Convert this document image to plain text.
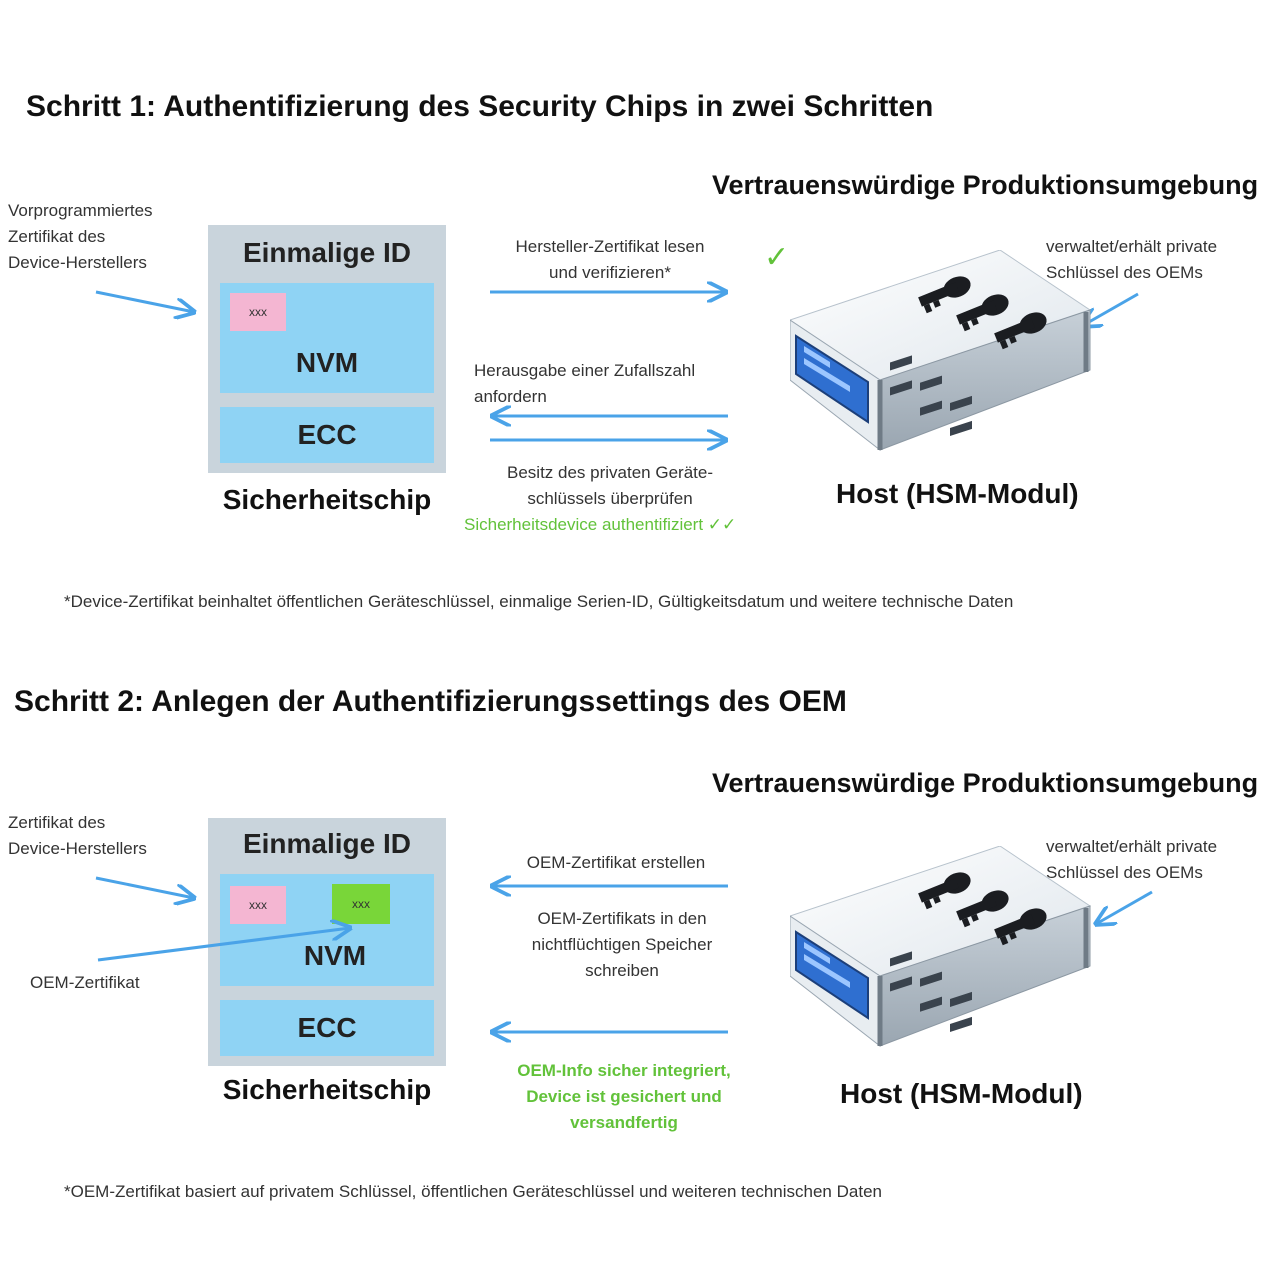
Schritt 1: Authentifizierung des Security Chips in zwei Schritten
Vertrauenswürdige Produktionsumgebung
Vorprogrammiertes
Zertifikat des
Device-Herstellers	Einmalige ID
xxx
NVM
ECC
Sicherheitschip
Hersteller-Zertifikat lesen
und verifizieren*	✓
Herausgabe einer Zufallszahl
anfordern
Besitz des privaten Geräte-
schlüssels überprüfen
Sicherheitsdevice authentifiziert ✓✓
verwaltet/erhält private
Schlüssel des OEMs
Host (HSM-Modul)
*Device-Zertifikat beinhaltet öffentlichen Geräteschlüssel, einmalige Serien-ID, Gültigkeitsdatum und weitere technische Daten
Schritt 2: Anlegen der Authentifizierungssettings des OEM
Vertrauenswürdige Produktionsumgebung
Zertifikat des
Device-Herstellers
OEM-Zertifikat
Einmalige ID
xxx	xxx
NVM
ECC
Sicherheitschip
OEM-Zertifikat erstellen
OEM-Zertifikats in den
nichtflüchtigen Speicher
schreiben
OEM-Info sicher integriert,
Device ist gesichert und
versandfertig
verwaltet/erhält private
Schlüssel des OEMs
Host (HSM-Modul)
*OEM-Zertifikat basiert auf privatem Schlüssel, öffentlichen Geräteschlüssel und weiteren technischen Daten
